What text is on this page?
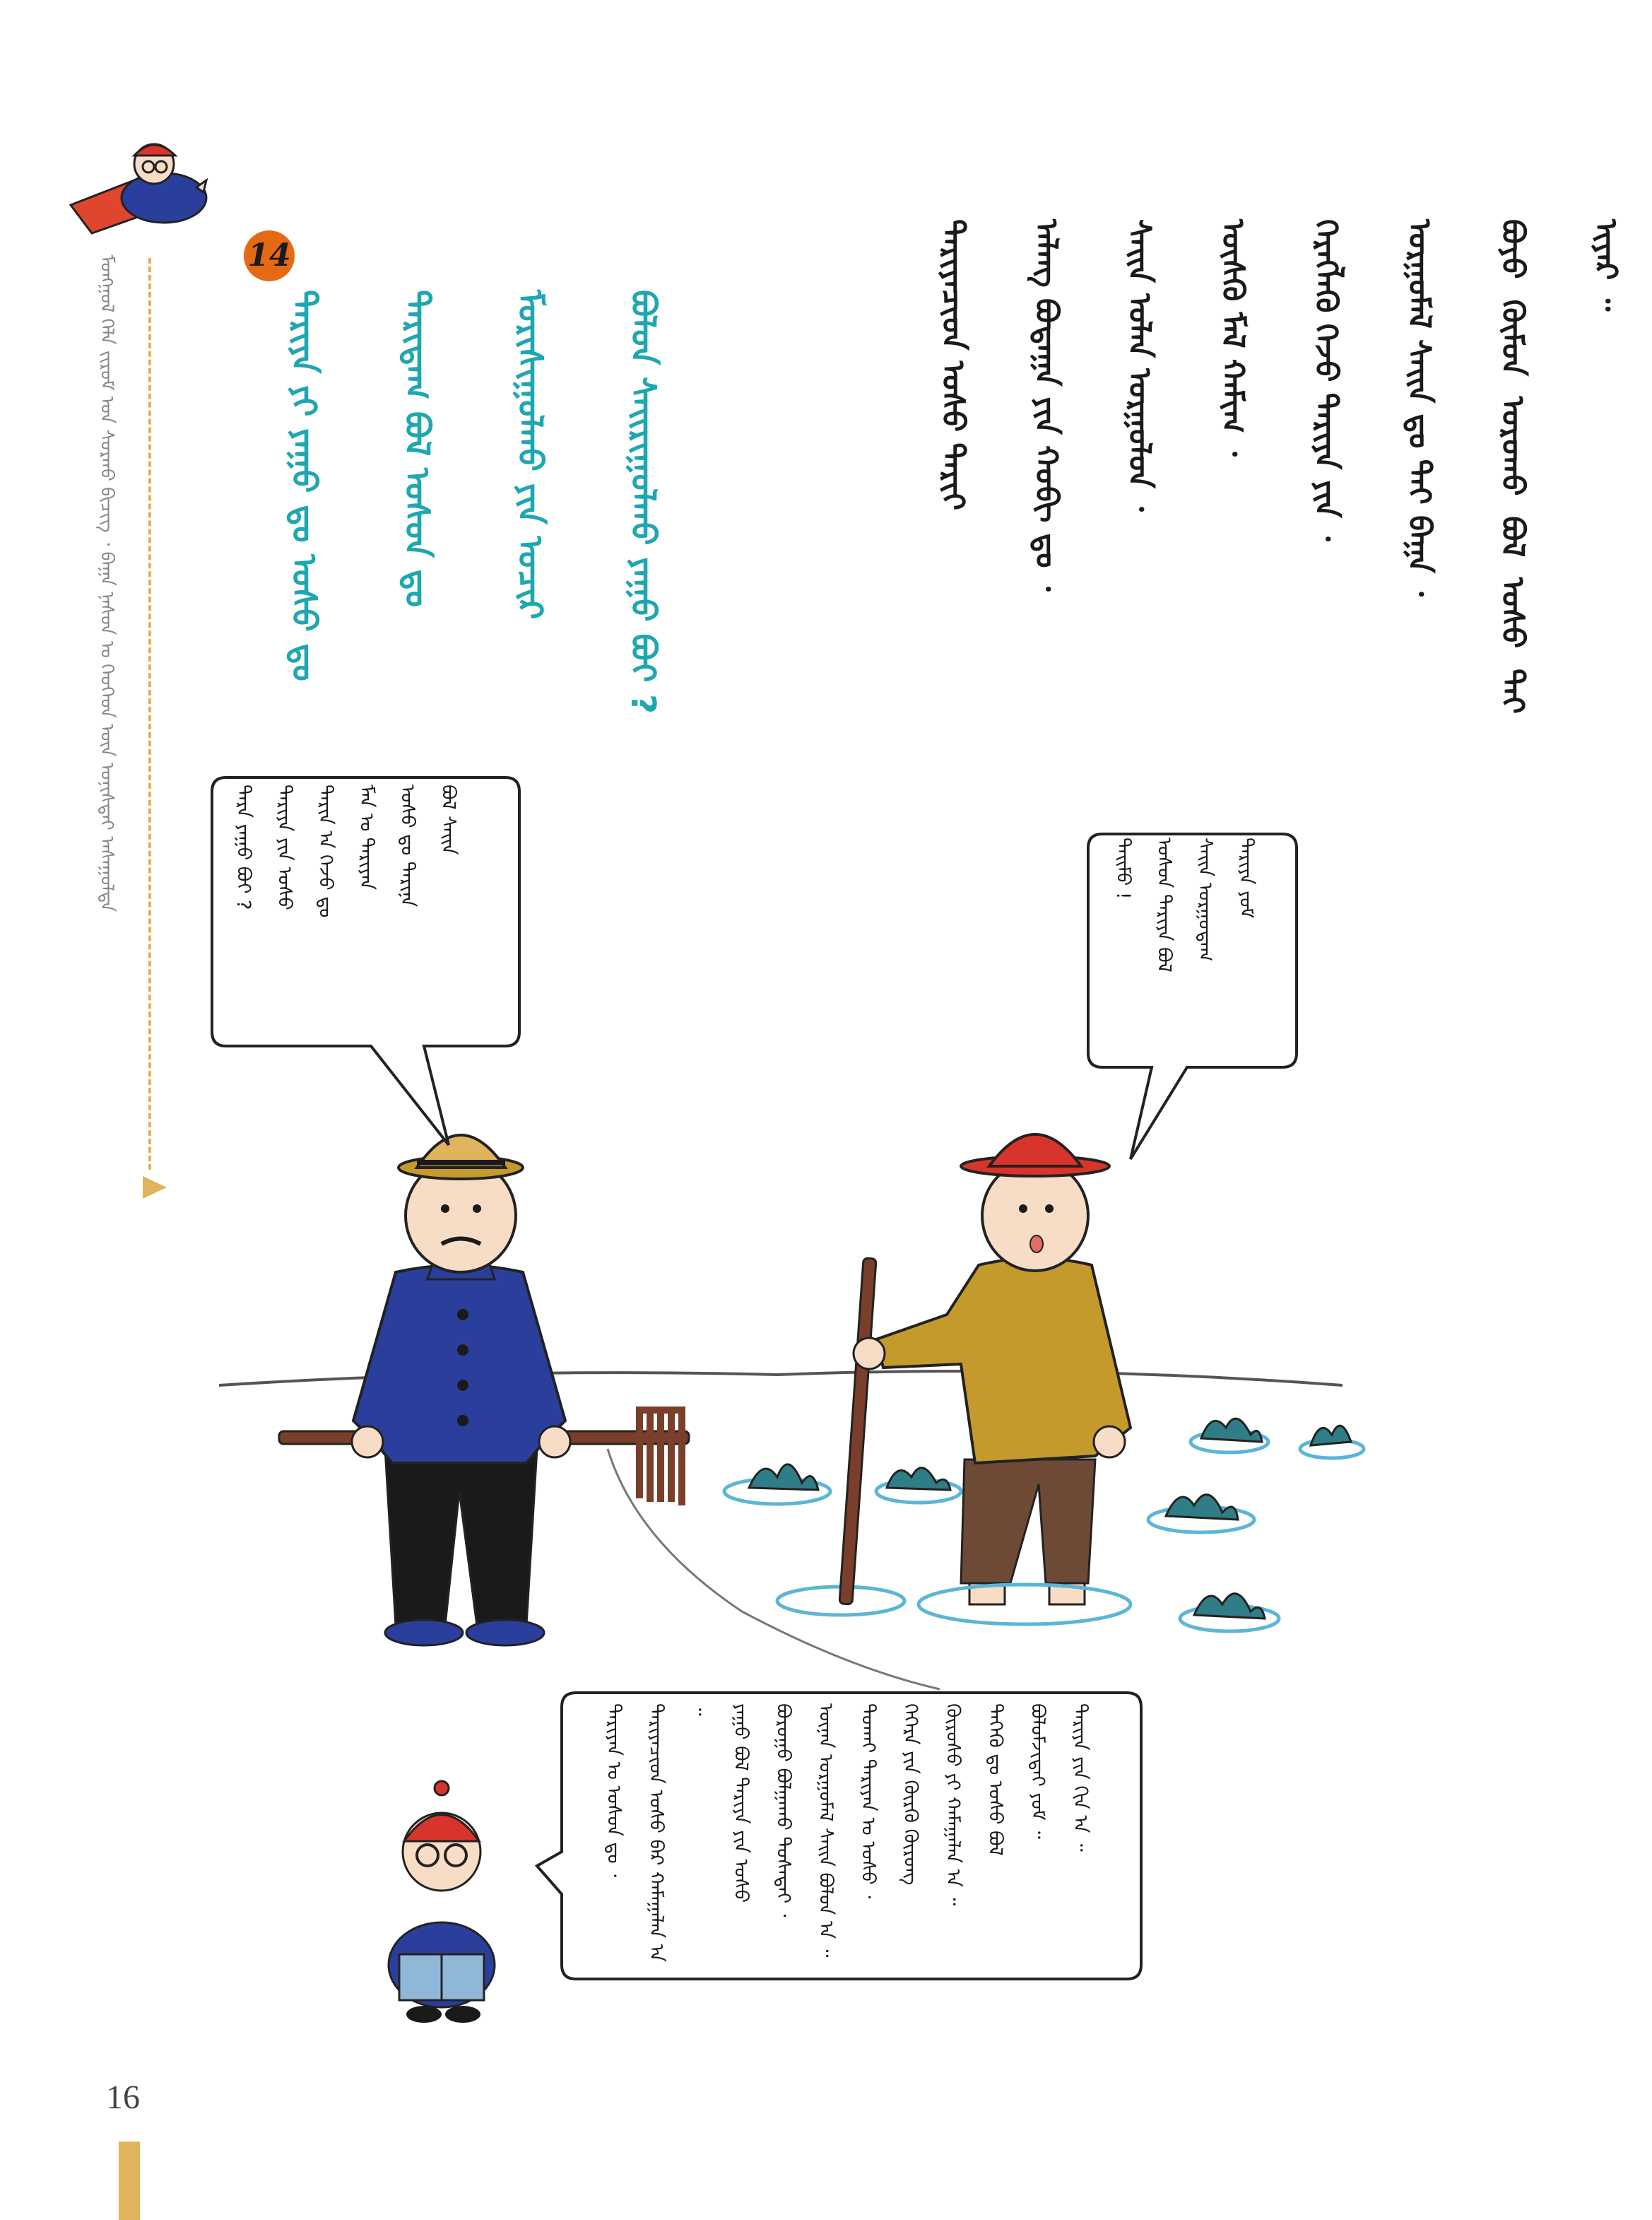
ᠮᠣᠩᠭᠣᠯ ᠬᠡᠯᠡ ᠵᠢᠷᠤᠮ ᠤᠨ ᠰᠤᠷᠬᠤ ᠪᠢᠴᠢᠭ ᠂ ᠪᠠᠭᠠ ᠨᠠᠰᠤᠨ ᠤ ᠬᠡᠦᠬᠡᠳ ᠦᠨ ᠣᠨᠢᠰᠲᠠᠢ ᠠᠰᠠᠭᠤᠯᠲᠠ	14
ᠲᠠᠷᠢᠶᠠ ᠶᠢ ᠶᠠᠭᠤ ᠳᠤ ᠤᠰᠤ ᠳᠤ
ᠲᠠᠷᠢᠳᠠᠭ ᠪᠣᠯ ᠤᠰᠤᠨ ᠳᠤ
ᠮᠣᠷᠢᠰᠢᠭᠤᠯᠬᠤ ᠶᠢᠨ ᠤᠴᠢᠷ
ᠪᠣᠯᠤᠨ ᠰᠠᠢᠷᠢᠭᠤᠯᠬᠤ ᠶᠠᠭᠤ ᠪᠤᠢ ?
ᠲᠠᠷᠢᠶᠠᠴᠢᠳ ᠤᠰᠤ ᠲᠠᠷᠢᠶ
ᠠᠯᠠᠩ ᠪᠤᠳᠠᠭᠠ ᠶᠢᠨ ᠬᠤᠪᠢ ᠳᠤ ᠂
ᠰᠠᠢᠨ ᠣᠯᠠᠨ ᠤᠷᠭᠤᠯᠤᠨ ᠂
ᠥᠰᠬᠦ ᠮᠠᠯ ᠬᠠᠮᠢᠭ ᠂
ᠬᠡᠷᠡᠭᠯᠡᠬᠦ ᠭᠡᠵᠦ ᠲᠠᠷᠢᠶᠠ ᠶᠢᠨ ᠂
ᠤᠷᠭᠤᠮᠠᠯ ᠰᠠᠢᠨ ᠳᠤ ᠲᠡᠢ ᠪᠠᠭᠠ ᠂
ᠪᠤᠶᠤ ᠬᠦᠮᠦᠨ ᠤᠷᠤᠬᠤ ᠪᠣᠯ ᠤᠰᠤ ᠲᠠᠢ ᠢᠶᠡᠷ ᠃
ᠲᠡᠷᠡ ᠶᠠᠭᠤ ᠪᠣᠢ ?
ᠲᠠᠷᠢᠶᠠ ᠶᠢᠨ ᠤᠰᠤ
ᠲᠠᠷᠢᠨ ᠠ ᠭᠡᠵᠦ ᠳᠤ
ᠮᠠᠨ ᠤ ᠲᠠᠷᠢᠶᠠᠨ
ᠤᠰᠤ ᠳᠤ ᠲᠠᠷᠢᠨᠠ
ᠪᠣᠯ ᠰᠠᠢᠨ
ᠲᠡᠢᠮᠦ !
ᠤᠰᠤᠨ ᠲᠠᠷᠢᠶᠠ ᠪᠣᠯ
ᠰᠠᠢᠨ ᠤᠷᠭᠤᠳᠠᠭ
ᠲᠠᠷᠢᠶᠠ ᠶᠤᠮ
ᠲᠠᠷᠢᠶᠠᠨ ᠤ ᠤᠰᠤᠨ ᠳᠤ ᠂
ᠲᠠᠷᠢᠶᠠᠴᠢᠳ ᠤᠰᠤ ᠪᠠᠷ ᠬᠠᠮᠠᠭᠠᠯᠠᠨ ᠠ ᠃
ᠶᠠᠭᠤ ᠪᠣᠯ ᠲᠠᠷᠢᠶᠠ ᠶᠢᠨ ᠤᠰᠤ
ᠪᠤᠷᠤᠭᠤ ᠪᠣᠯᠭᠠᠬᠤ ᠲᠤᠰᠠᠲᠠᠢ ᠂
ᠦᠨᠡᠨ ᠤᠷᠭᠤᠮᠠᠯ ᠰᠠᠢᠨ ᠪᠣᠯᠤᠨ ᠠ ᠃
ᠲᠤᠬᠠᠢ ᠲᠠᠷᠢᠶᠠᠨ ᠤ ᠤᠰᠤ ᠂
ᠬᠡᠭᠡᠷᠡ ᠶᠢᠨ ᠬᠦᠷᠬᠦ ᠬᠦᠷᠦᠩ
ᠬᠥᠷᠥᠰᠦ ᠶᠢ ᠬᠠᠮᠠᠭᠠᠯᠠᠨ ᠠ ᠃
ᠲᠡᠭᠡᠬᠦ ᠳᠤ ᠤᠰᠤ ᠪᠣᠯ
ᠪᠣᠯᠤᠮᠵᠢᠲᠠᠢ ᠶᠤᠮ ᠃
ᠲᠠᠷᠢᠶᠠ ᠶᠢᠨ ᠬᠢᠨ ᠠ ᠃
16
